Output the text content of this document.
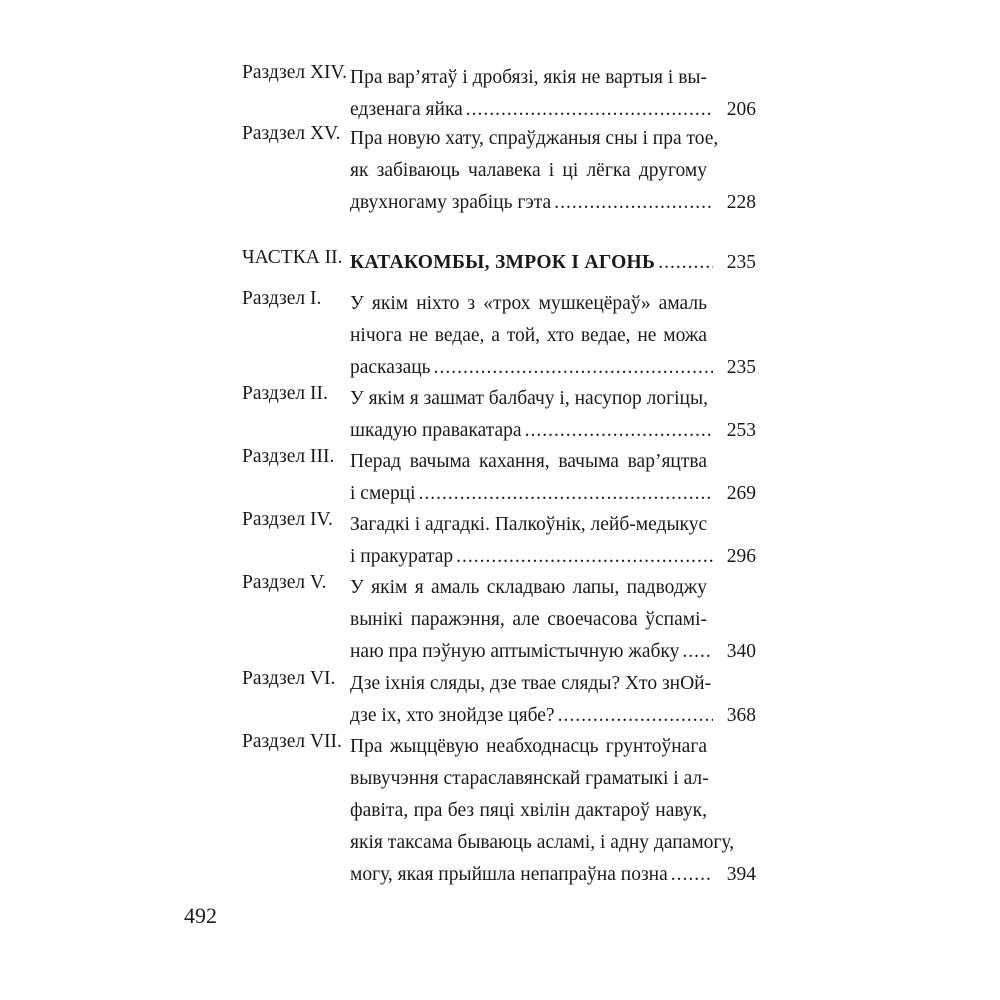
Раздзел XIV. Пра вар’ятаў і дробязі, якія не вартыя і вы-
едзенага яйка .....	206
Раздзел XV. Пра новую хату, спраўджаныя сны і пра тое,
як забіваюць чалавека і ці лёгка другому
двухногаму зрабіць гэта .....	228
ЧАСТКА II. КАТАКОМБЫ, ЗМРОК І АГОНЬ .....	235
Раздзел I. У якім ніхто з «трох мушкецёраў» амаль
нічога не ведае, а той, хто ведае, не можа
расказаць .....	235
Раздзел II. У якім я зашмат балбачу і, насупор логіцы,
шкадую правакатара .....	253
Раздзел III. Перад вачыма кахання, вачыма вар’яцтва
і смерці .....	269
Раздзел IV. Загадкі і адгадкі. Палкоўнік, лейб-медыкус
і пракуратар .....	296
Раздзел V. У якім я амаль складваю лапы, падводжу
вынікі паражэння, але своечасова ўспамі-
наю пра пэўную аптымістычную жабку .....	340
Раздзел VI. Дзе іхнія сляды, дзе твае сляды? Хто знОй-
дзе іх, хто знойдзе цябе? .....	368
Раздзел VII. Пра жыццёвую неабходнасць грунтоўнага
вывучэння стараславянскай граматыкі і ал-
фавіта, пра без пяці хвілін дактароў навук,
якія таксама бываюць асламі, і адну дапамогу,
могу, якая прыйшла непапраўна позна .....	394
492
